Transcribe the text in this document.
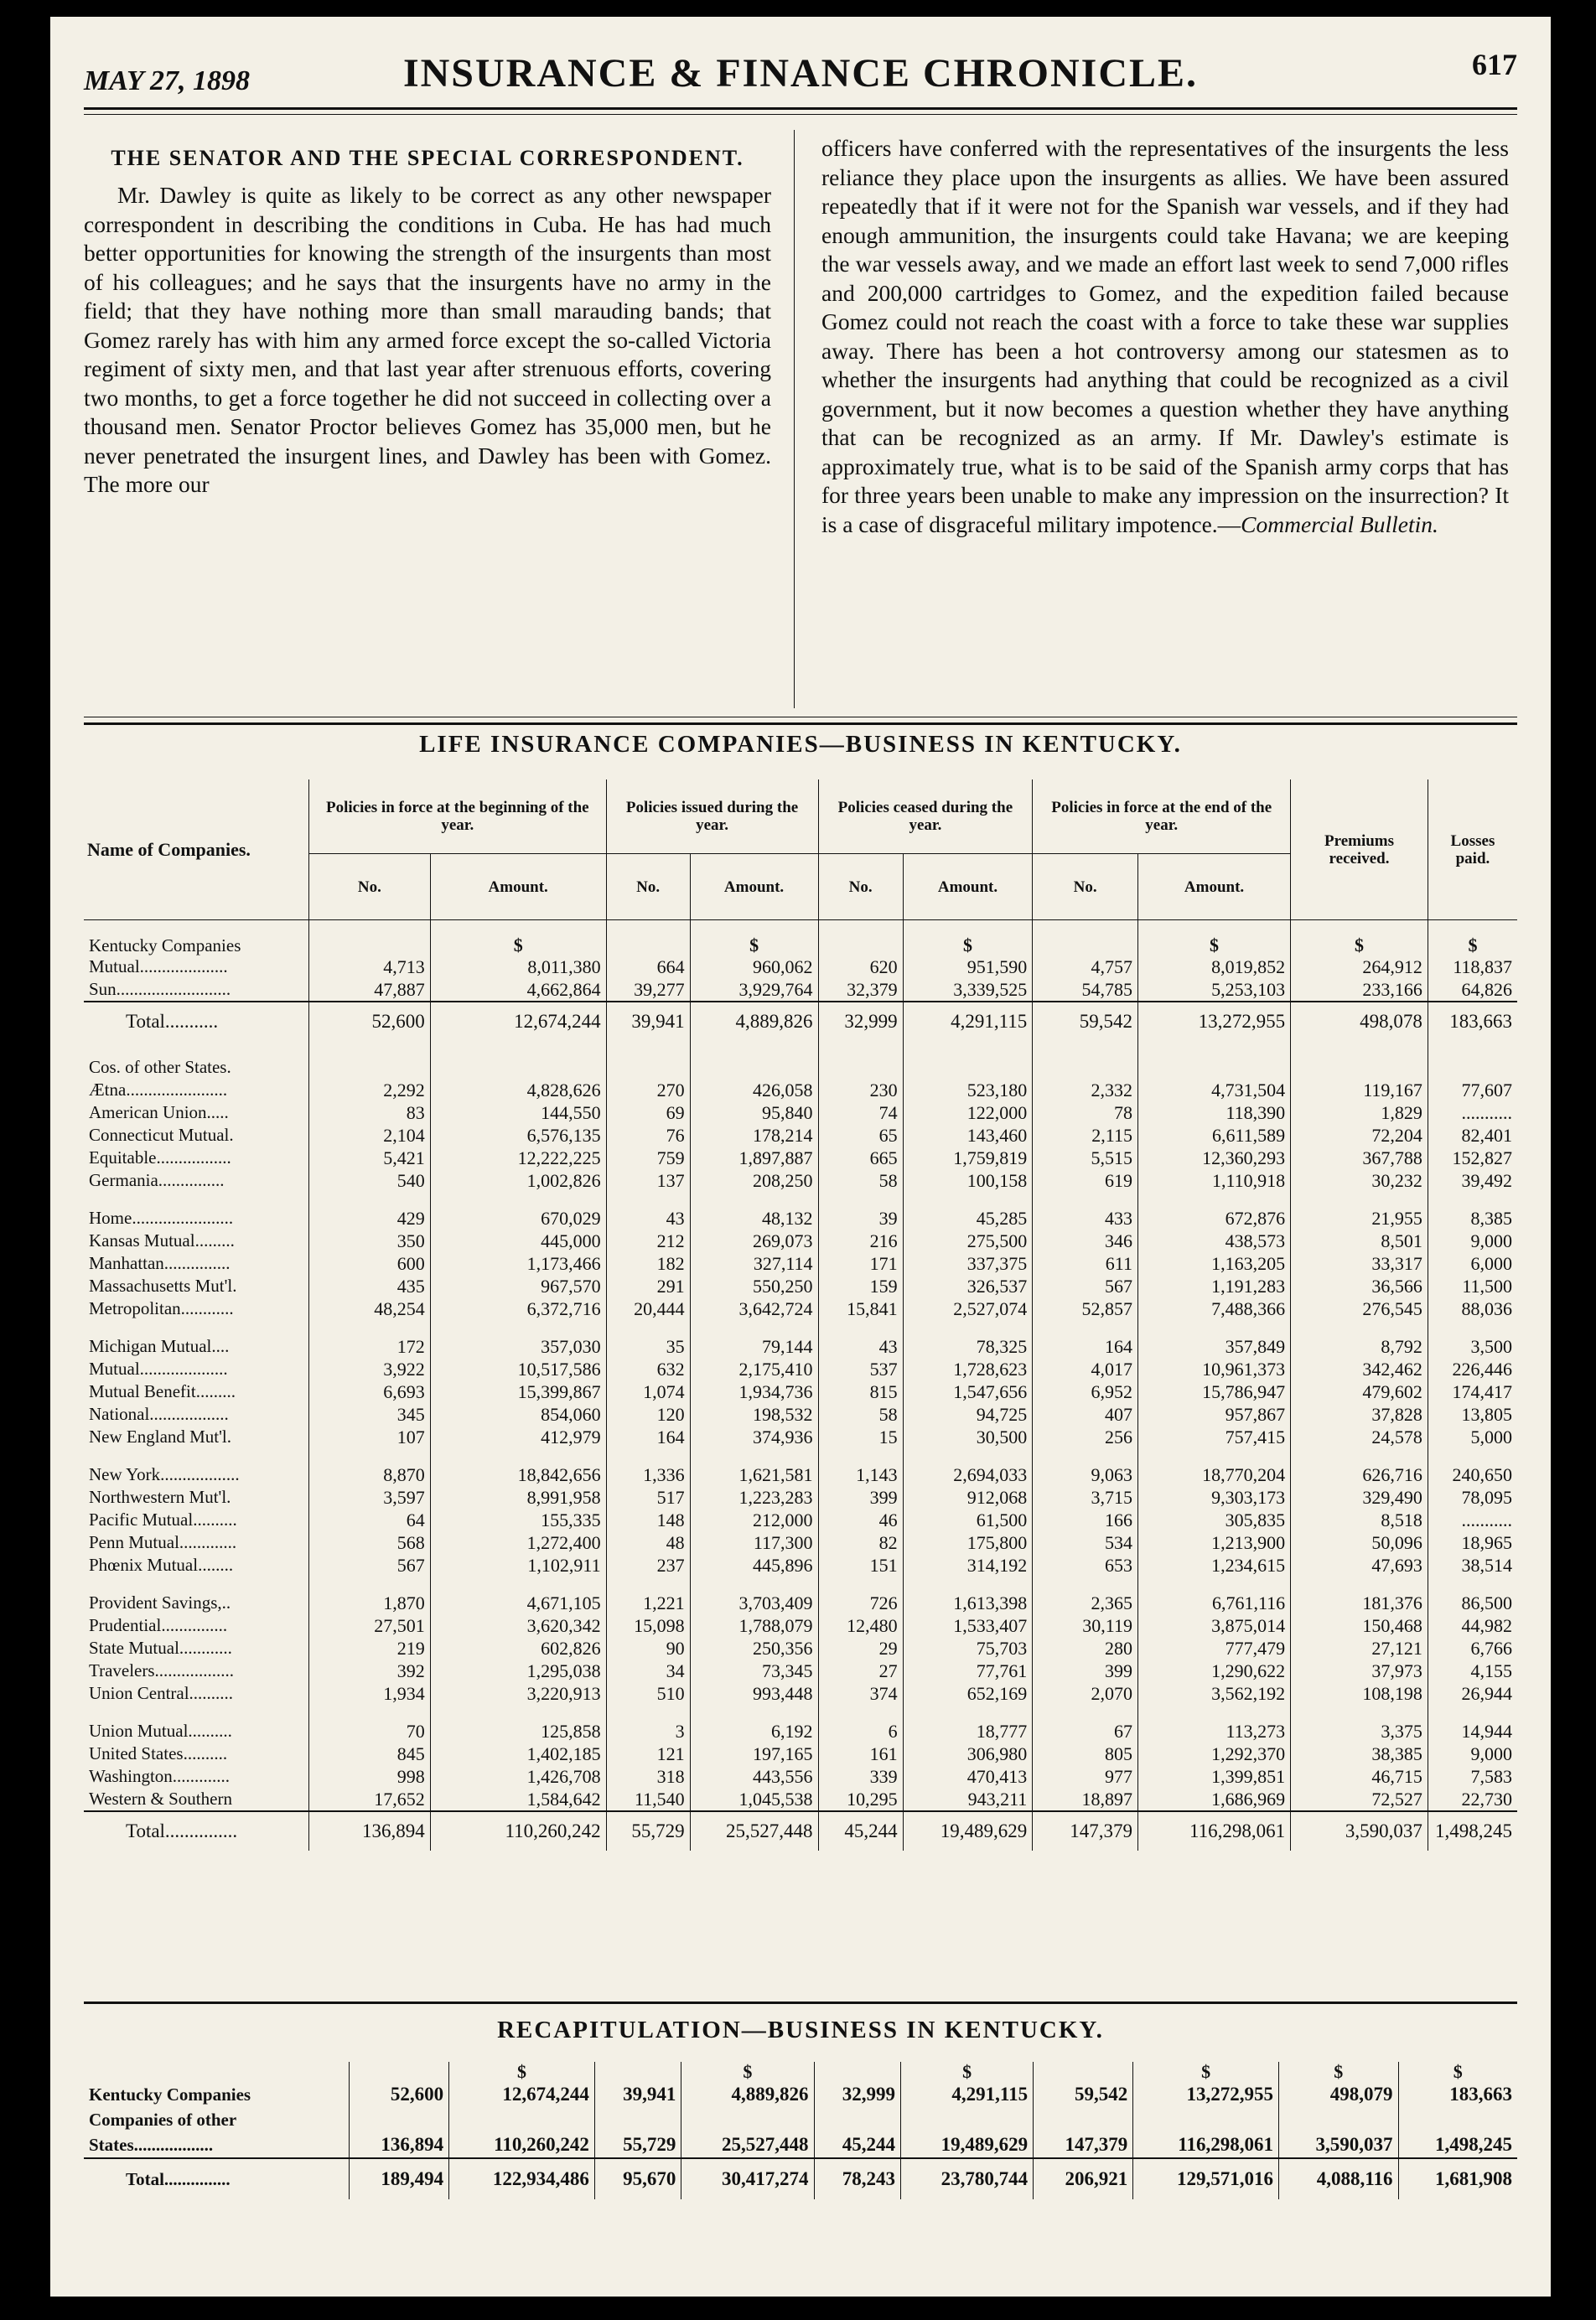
MAY 27, 1898	INSURANCE & FINANCE CHRONICLE.	617
THE SENATOR AND THE SPECIAL CORRESPONDENT.

Mr. Dawley is quite as likely to be correct as any other newspaper correspondent in describing the conditions in Cuba. He has had much better opportunities for knowing the strength of the insurgents than most of his colleagues; and he says that the insurgents have no army in the field; that they have nothing more than small marauding bands; that Gomez rarely has with him any armed force except the so-called Victoria regiment of sixty men, and that last year after strenuous efforts, covering two months, to get a force together he did not succeed in collecting over a thousand men. Senator Proctor believes Gomez has 35,000 men, but he never penetrated the insurgent lines, and Dawley has been with Gomez. The more our

officers have conferred with the representatives of the insurgents the less reliance they place upon the insurgents as allies. We have been assured repeatedly that if it were not for the Spanish war vessels, and if they had enough ammunition, the insurgents could take Havana; we are keeping the war vessels away, and we made an effort last week to send 7,000 rifles and 200,000 cartridges to Gomez, and the expedition failed because Gomez could not reach the coast with a force to take these war supplies away. There has been a hot controversy among our statesmen as to whether the insurgents had anything that could be recognized as a civil government, but it now becomes a question whether they have anything that can be recognized as an army. If Mr. Dawley's estimate is approximately true, what is to be said of the Spanish army corps that has for three years been unable to make any impression on the insurrection? It is a case of disgraceful military impotence.—Commercial Bulletin.

LIFE INSURANCE COMPANIES—BUSINESS IN KENTUCKY.
Name of Companies.	Policies in force at the beginning of the year.		Policies issued during the year.		Policies ceased during the year.		Policies in force at the end of the year.		Premiums received.	Losses paid.
	No.	Amount.	No.	Amount.	No.	Amount.	No.	Amount.		

Kentucky Companies		$		$		$		$	$	$
Mutual....................	4,713	8,011,380	664	960,062	620	951,590	4,757	8,019,852	264,912	118,837
Sun..........................	47,887	4,662,864	39,277	3,929,764	32,379	3,339,525	54,785	5,253,103	233,166	64,826
Total...........	52,600	12,674,244	39,941	4,889,826	32,999	4,291,115	59,542	13,272,955	498,078	183,663

Cos. of other States.										
Ætna.......................	2,292	4,828,626	270	426,058	230	523,180	2,332	4,731,504	119,167	77,607
American Union.....	83	144,550	69	95,840	74	122,000	78	118,390	1,829	...........
Connecticut Mutual.	2,104	6,576,135	76	178,214	65	143,460	2,115	6,611,589	72,204	82,401
Equitable.................	5,421	12,222,225	759	1,897,887	665	1,759,819	5,515	12,360,293	367,788	152,827
Germania...............	540	1,002,826	137	208,250	58	100,158	619	1,110,918	30,232	39,492

Home.......................	429	670,029	43	48,132	39	45,285	433	672,876	21,955	8,385
Kansas Mutual.........	350	445,000	212	269,073	216	275,500	346	438,573	8,501	9,000
Manhattan...............	600	1,173,466	182	327,114	171	337,375	611	1,163,205	33,317	6,000
Massachusetts Mut'l.	435	967,570	291	550,250	159	326,537	567	1,191,283	36,566	11,500
Metropolitan............	48,254	6,372,716	20,444	3,642,724	15,841	2,527,074	52,857	7,488,366	276,545	88,036

Michigan Mutual....	172	357,030	35	79,144	43	78,325	164	357,849	8,792	3,500
Mutual....................	3,922	10,517,586	632	2,175,410	537	1,728,623	4,017	10,961,373	342,462	226,446
Mutual Benefit.........	6,693	15,399,867	1,074	1,934,736	815	1,547,656	6,952	15,786,947	479,602	174,417
National..................	345	854,060	120	198,532	58	94,725	407	957,867	37,828	13,805
New England Mut'l.	107	412,979	164	374,936	15	30,500	256	757,415	24,578	5,000

New York..................	8,870	18,842,656	1,336	1,621,581	1,143	2,694,033	9,063	18,770,204	626,716	240,650
Northwestern Mut'l.	3,597	8,991,958	517	1,223,283	399	912,068	3,715	9,303,173	329,490	78,095
Pacific Mutual..........	64	155,335	148	212,000	46	61,500	166	305,835	8,518	...........
Penn Mutual.............	568	1,272,400	48	117,300	82	175,800	534	1,213,900	50,096	18,965
Phœnix Mutual........	567	1,102,911	237	445,896	151	314,192	653	1,234,615	47,693	38,514

Provident Savings,..	1,870	4,671,105	1,221	3,703,409	726	1,613,398	2,365	6,761,116	181,376	86,500
Prudential...............	27,501	3,620,342	15,098	1,788,079	12,480	1,533,407	30,119	3,875,014	150,468	44,982
State Mutual............	219	602,826	90	250,356	29	75,703	280	777,479	27,121	6,766
Travelers..................	392	1,295,038	34	73,345	27	77,761	399	1,290,622	37,973	4,155
Union Central..........	1,934	3,220,913	510	993,448	374	652,169	2,070	3,562,192	108,198	26,944

Union Mutual..........	70	125,858	3	6,192	6	18,777	67	113,273	3,375	14,944
United States..........	845	1,402,185	121	197,165	161	306,980	805	1,292,370	38,385	9,000
Washington.............	998	1,426,708	318	443,556	339	470,413	977	1,399,851	46,715	7,583
Western & Southern	17,652	1,584,642	11,540	1,045,538	10,295	943,211	18,897	1,686,969	72,527	22,730
Total...............	136,894	110,260,242	55,729	25,527,448	45,244	19,489,629	147,379	116,298,061	3,590,037	1,498,245
RECAPITULATION—BUSINESS IN KENTUCKY.
		$		$		$		$	$	$
Kentucky Companies	52,600	12,674,244	39,941	4,889,826	32,999	4,291,115	59,542	13,272,955	498,079	183,663
Companies of other										
States..................	136,894	110,260,242	55,729	25,527,448	45,244	19,489,629	147,379	116,298,061	3,590,037	1,498,245
Total...............	189,494	122,934,486	95,670	30,417,274	78,243	23,780,744	206,921	129,571,016	4,088,116	1,681,908
